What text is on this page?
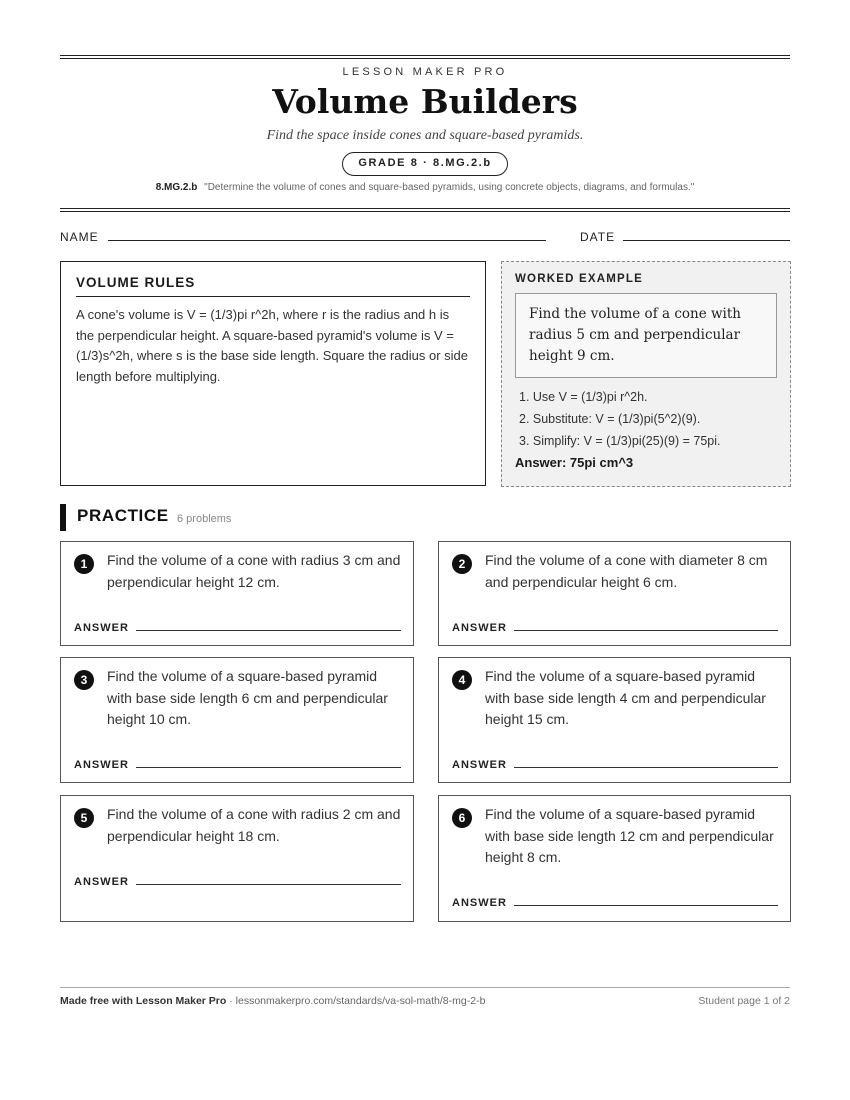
LESSON MAKER PRO
Volume Builders
Find the space inside cones and square-based pyramids.
GRADE 8 · 8.MG.2.b
8.MG.2.b "Determine the volume of cones and square-based pyramids, using concrete objects, diagrams, and formulas."
NAME	DATE
VOLUME RULES
A cone's volume is V = (1/3)pi r^2h, where r is the radius and h is the perpendicular height. A square-based pyramid's volume is V = (1/3)s^2h, where s is the base side length. Square the radius or side length before multiplying.
WORKED EXAMPLE
Find the volume of a cone with radius 5 cm and perpendicular height 9 cm.
1. Use V = (1/3)pi r^2h.
2. Substitute: V = (1/3)pi(5^2)(9).
3. Simplify: V = (1/3)pi(25)(9) = 75pi.
Answer: 75pi cm^3
PRACTICE 6 problems
1	Find the volume of a cone with radius 3 cm and perpendicular height 12 cm.
ANSWER
2	Find the volume of a cone with diameter 8 cm and perpendicular height 6 cm.
ANSWER
3	Find the volume of a square-based pyramid with base side length 6 cm and perpendicular height 10 cm.
ANSWER
4	Find the volume of a square-based pyramid with base side length 4 cm and perpendicular height 15 cm.
ANSWER
5	Find the volume of a cone with radius 2 cm and perpendicular height 18 cm.
ANSWER
6	Find the volume of a square-based pyramid with base side length 12 cm and perpendicular height 8 cm.
ANSWER
Made free with Lesson Maker Pro · lessonmakerpro.com/standards/va-sol-math/8-mg-2-b	Student page 1 of 2
